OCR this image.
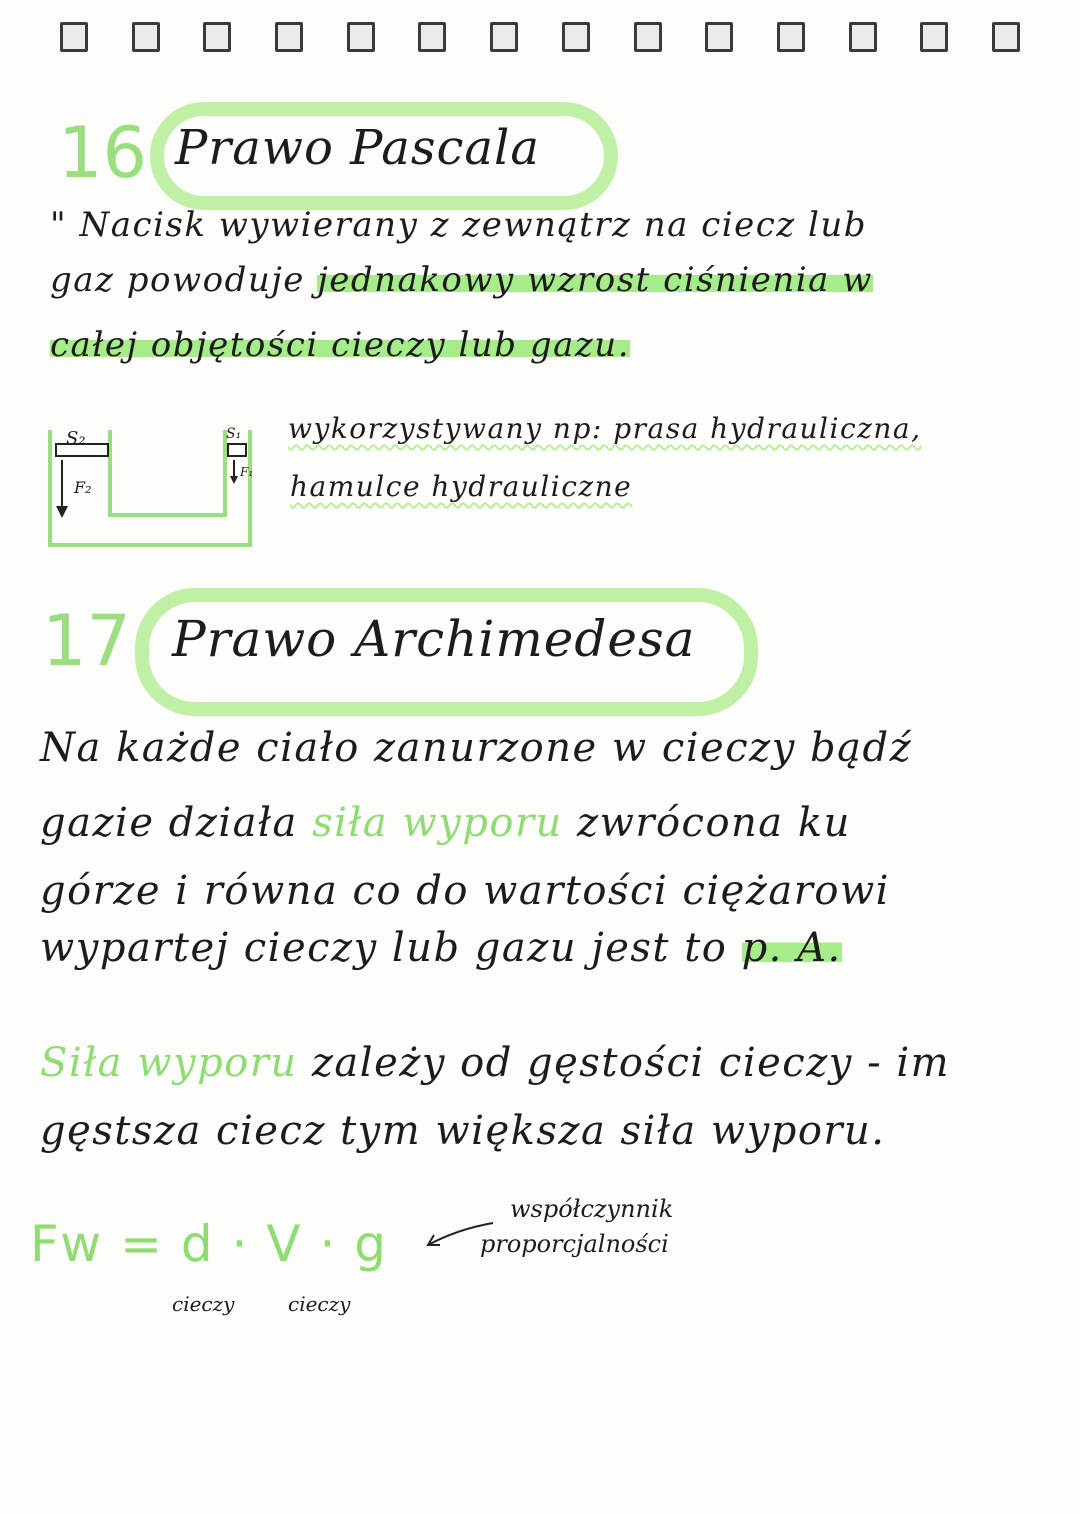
16 Prawo Pascala
" Nacisk wywierany z zewnątrz na ciecz lub
gaz powoduje jednakowy wzrost ciśnienia w
całej objętości cieczy lub gazu.
S₂	S₁
F₂
F₁
wykorzystywany np: prasa hydrauliczna,
hamulce hydrauliczne
17 Prawo Archimedesa
Na każde ciało zanurzone w cieczy bądź
gazie działa siła wyporu zwrócona ku
górze i równa co do wartości ciężarowi
wypartej cieczy lub gazu jest to p. A.
Siła wyporu zależy od gęstości cieczy - im
gęstsza ciecz tym większa siła wyporu.
Fw = d · V · g
cieczy	cieczy
współczynnik
proporcjalności
